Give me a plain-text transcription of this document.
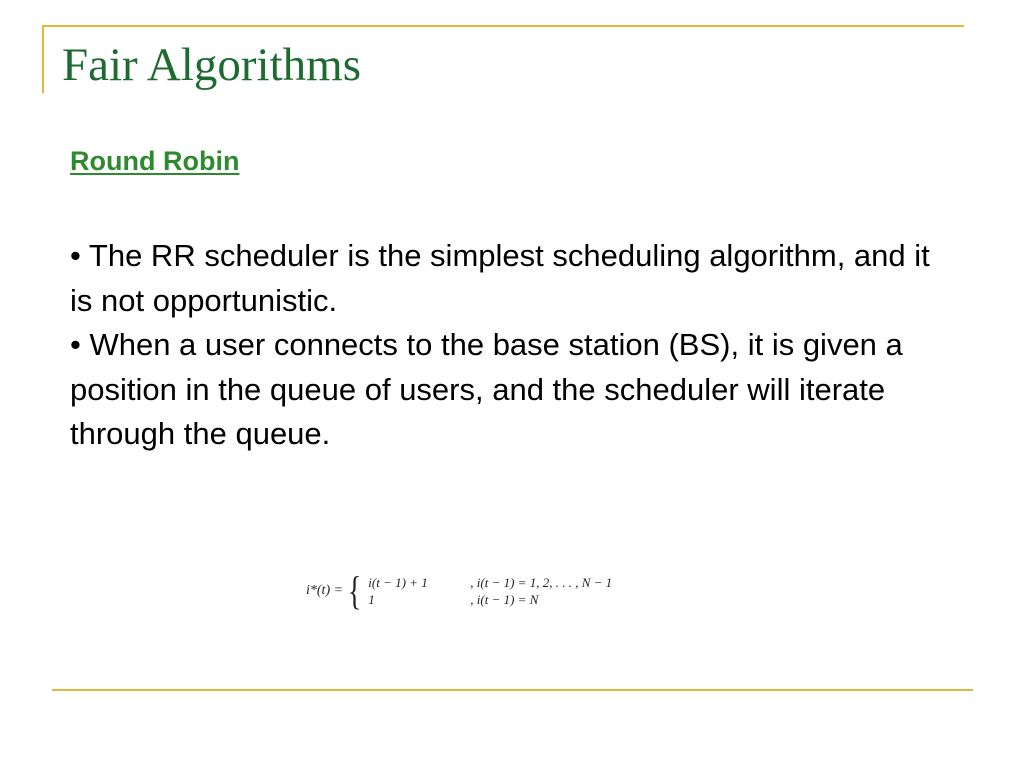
Fair Algorithms
Round Robin

• The RR scheduler is the simplest scheduling algorithm, and it is not opportunistic.

• When a user connects to the base station (BS), it is given a position in the queue of users, and the scheduler will iterate through the queue.

i*(t) = { i(t − 1) + 1	, i(t − 1) = 1, 2, . . . , N − 1
1	, i(t − 1) = N
